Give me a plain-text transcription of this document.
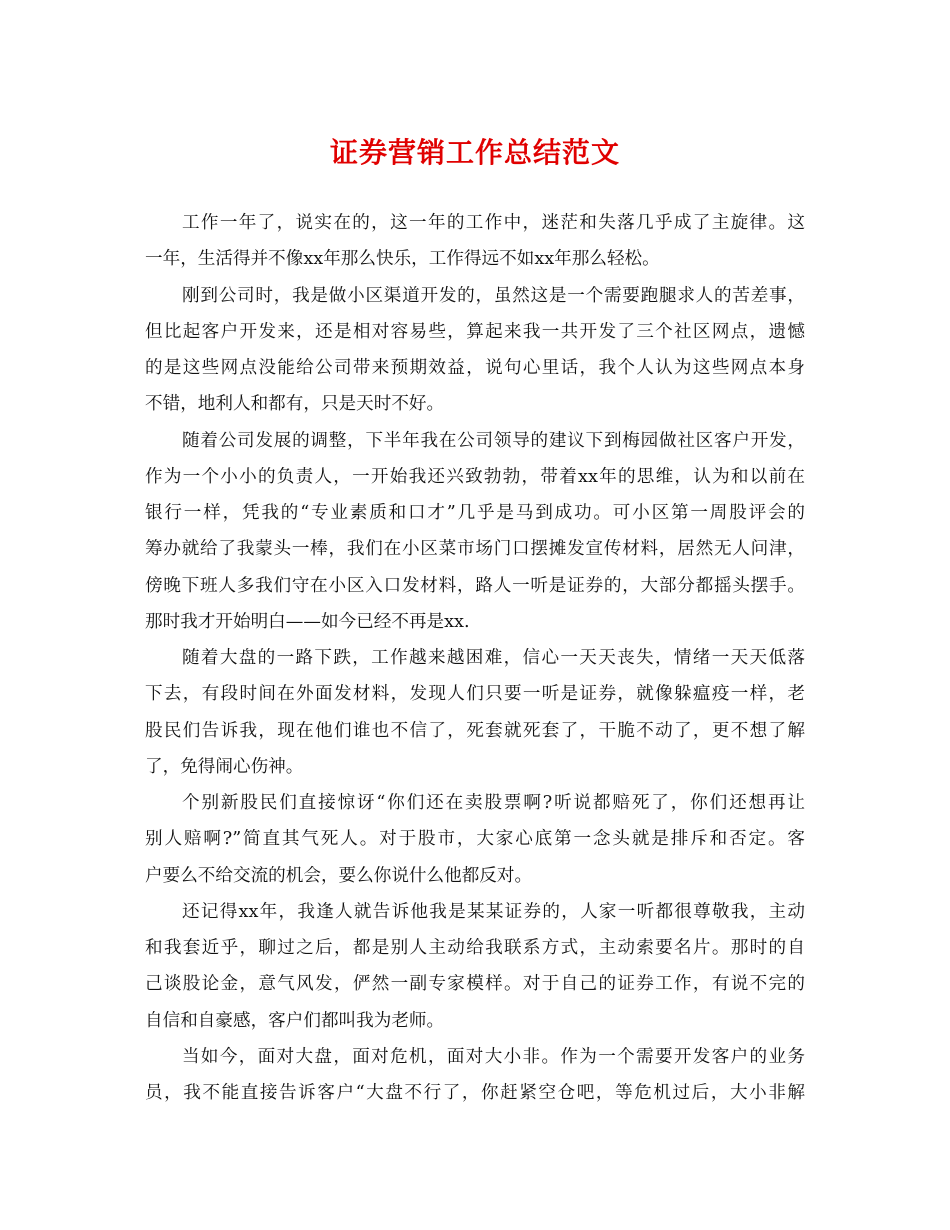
证券营销工作总结范文
工作一年了，说实在的，这一年的工作中，迷茫和失落几乎成了主旋律。这
一年，生活得并不像xx年那么快乐，工作得远不如xx年那么轻松。
刚到公司时，我是做小区渠道开发的，虽然这是一个需要跑腿求人的苦差事，
但比起客户开发来，还是相对容易些，算起来我一共开发了三个社区网点，遗憾
的是这些网点没能给公司带来预期效益，说句心里话，我个人认为这些网点本身
不错，地利人和都有，只是天时不好。
随着公司发展的调整，下半年我在公司领导的建议下到梅园做社区客户开发，
作为一个小小的负责人，一开始我还兴致勃勃，带着xx年的思维，认为和以前在
银行一样，凭我的“专业素质和口才”几乎是马到成功。可小区第一周股评会的
筹办就给了我蒙头一棒，我们在小区菜市场门口摆摊发宣传材料，居然无人问津，
傍晚下班人多我们守在小区入口发材料，路人一听是证券的，大部分都摇头摆手。
那时我才开始明白——如今已经不再是xx.
随着大盘的一路下跌，工作越来越困难，信心一天天丧失，情绪一天天低落
下去，有段时间在外面发材料，发现人们只要一听是证券，就像躲瘟疫一样，老
股民们告诉我，现在他们谁也不信了，死套就死套了，干脆不动了，更不想了解
了，免得闹心伤神。
个别新股民们直接惊讶“你们还在卖股票啊?听说都赔死了，你们还想再让
别人赔啊?”简直其气死人。对于股市，大家心底第一念头就是排斥和否定。客
户要么不给交流的机会，要么你说什么他都反对。
还记得xx年，我逢人就告诉他我是某某证券的，人家一听都很尊敬我，主动
和我套近乎，聊过之后，都是别人主动给我联系方式，主动索要名片。那时的自
己谈股论金，意气风发，俨然一副专家模样。对于自己的证券工作，有说不完的
自信和自豪感，客户们都叫我为老师。
当如今，面对大盘，面对危机，面对大小非。作为一个需要开发客户的业务
员，我不能直接告诉客户“大盘不行了，你赶紧空仓吧，等危机过后，大小非解
